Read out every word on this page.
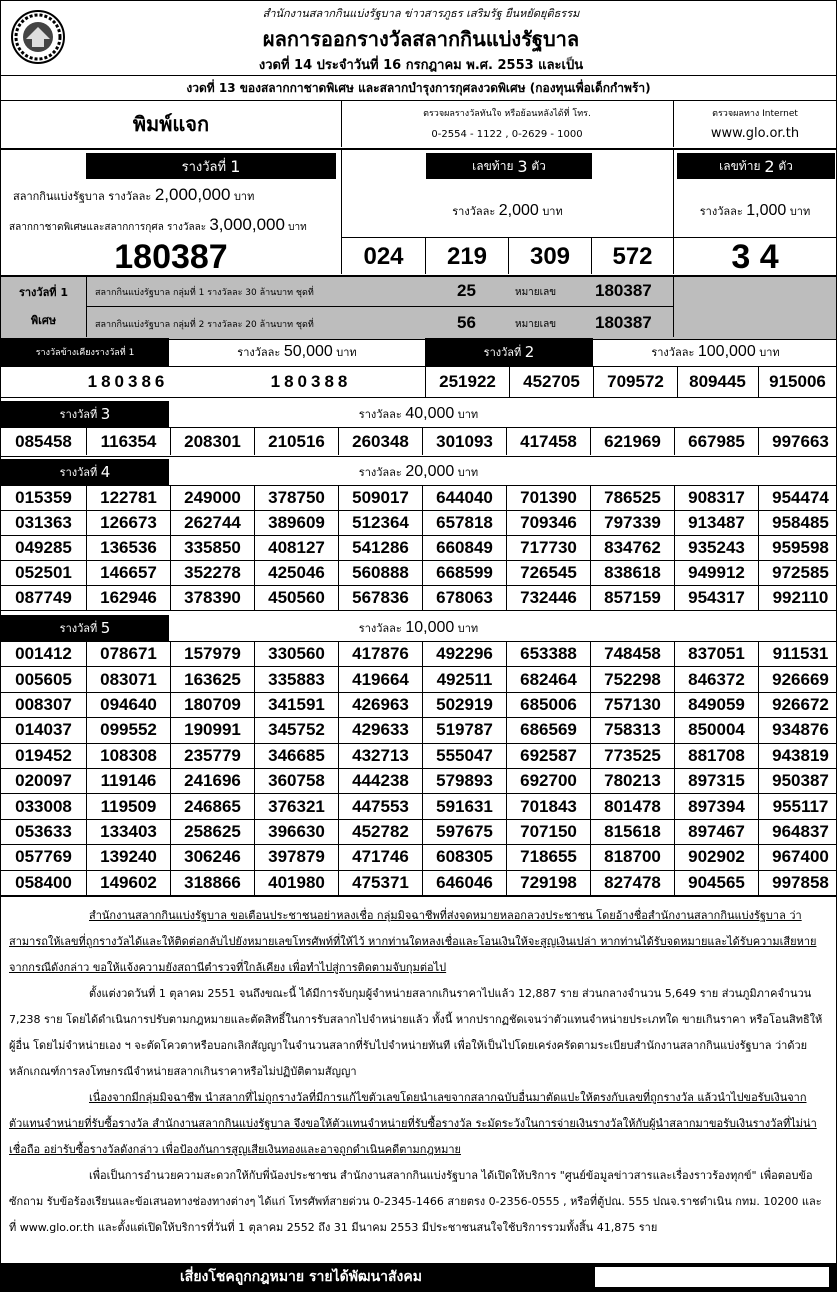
สำนักงานสลากกินแบ่งรัฐบาล ข่าวสารภูธร เสริมรัฐ ยืนหยัดยุติธรรม
ผลการออกรางวัลสลากกินแบ่งรัฐบาล
งวดที่ 14 ประจำวันที่ 16 กรกฎาคม พ.ศ. 2553 และเป็น
งวดที่ 13 ของสลากกาชาดพิเศษ และสลากบำรุงการกุศลงวดพิเศษ (กองทุนเพื่อเด็กกำพร้า)
พิมพ์แจก	ตรวจผลรางวัลทันใจ หรือย้อนหลังได้ที่ โทร.
0-2554 - 1122 , 0-2629 - 1000
ตรวจผลทาง Internet
www.glo.or.th
รางวัลที่
1	เลขท้าย
3
ตัว	เลขท้าย
2
ตัว
สลากกินแบ่งรัฐบาล รางวัลละ 2,000,000 บาท
สลากกาชาดพิเศษและสลากการกุศล รางวัลละ 3,000,000 บาท
รางวัลละ
2,000
บาท	รางวัลละ
1,000
บาท
180387	024	219	309	572	3 4
รางวัลที่ 1
พิเศษ
สลากกินแบ่งรัฐบาล กลุ่มที่ 1 รางวัลละ 30 ล้านบาท ชุดที่	25	หมายเลข 180387
สลากกินแบ่งรัฐบาล กลุ่มที่ 2 รางวัลละ 20 ล้านบาท ชุดที่	56	หมายเลข 180387
รางวัลข้างเคียงรางวัลที่ 1	รางวัลละ
50,000
บาท	รางวัลที่
2	รางวัลละ
100,000
บาท
180386	180388	251922	452705	709572	809445	915006
รางวัลที่
3	รางวัลละ
40,000
บาท
085458	116354	208301	210516	260348	301093	417458	621969	667985	997663
รางวัลที่
4	รางวัลละ
20,000
บาท
015359	122781	249000	378750	509017	644040	701390	786525	908317	954474
031363	126673	262744	389609	512364	657818	709346	797339	913487	958485
049285	136536	335850	408127	541286	660849	717730	834762	935243	959598
052501	146657	352278	425046	560888	668599	726545	838618	949912	972585
087749	162946	378390	450560	567836	678063	732446	857159	954317	992110
รางวัลที่
5	รางวัลละ
10,000
บาท
001412	078671	157979	330560	417876	492296	653388	748458	837051	911531
005605	083071	163625	335883	419664	492511	682464	752298	846372	926669
008307	094640	180709	341591	426963	502919	685006	757130	849059	926672
014037	099552	190991	345752	429633	519787	686569	758313	850004	934876
019452	108308	235779	346685	432713	555047	692587	773525	881708	943819
020097	119146	241696	360758	444238	579893	692700	780213	897315	950387
033008	119509	246865	376321	447553	591631	701843	801478	897394	955117
053633	133403	258625	396630	452782	597675	707150	815618	897467	964837
057769	139240	306246	397879	471746	608305	718655	818700	902902	967400
058400	149602	318866	401980	475371	646046	729198	827478	904565	997858

สำนักงานสลากกินแบ่งรัฐบาล ขอเตือนประชาชนอย่าหลงเชื่อ กลุ่มมิจฉาชีพที่ส่งจดหมายหลอกลวงประชาชน โดยอ้างชื่อสำนักงานสลากกินแบ่งรัฐบาล ว่าสามารถให้เลขที่ถูกรางวัลได้และให้ติดต่อกลับไปยังหมายเลขโทรศัพท์ที่ให้ไว้ หากท่านใดหลงเชื่อและโอนเงินให้จะสูญเงินเปล่า หากท่านได้รับจดหมายและได้รับความเสียหายจากกรณีดังกล่าว ขอให้แจ้งความยังสถานีตำรวจที่ใกล้เคียง เพื่อทำไปสู่การติดตามจับกุมต่อไป

ตั้งแต่งวดวันที่ 1 ตุลาคม 2551 จนถึงขณะนี้ ได้มีการจับกุมผู้จำหน่ายสลากเกินราคาไปแล้ว 12,887 ราย ส่วนกลางจำนวน 5,649 ราย ส่วนภูมิภาคจำนวน 7,238 ราย โดยได้ดำเนินการปรับตามกฎหมายและตัดสิทธิ์ในการรับสลากไปจำหน่ายแล้ว ทั้งนี้ หากปรากฏชัดเจนว่าตัวแทนจำหน่ายประเภทใด ขายเกินราคา หรือโอนสิทธิให้ผู้อื่น โดยไม่จำหน่ายเอง ฯ จะตัดโควตาหรือบอกเลิกสัญญาในจำนวนสลากที่รับไปจำหน่ายทันที เพื่อให้เป็นไปโดยเคร่งครัดตามระเบียบสำนักงานสลากกินแบ่งรัฐบาล ว่าด้วยหลักเกณฑ์การลงโทษกรณีจำหน่ายสลากเกินราคาหรือไม่ปฏิบัติตามสัญญา

เนื่องจากมีกลุ่มมิจฉาชีพ นำสลากที่ไม่ถูกรางวัลที่มีการแก้ไขตัวเลขโดยนำเลขจากสลากฉบับอื่นมาตัดแปะให้ตรงกับเลขที่ถูกรางวัล แล้วนำไปขอรับเงินจากตัวแทนจำหน่ายที่รับซื้อรางวัล สำนักงานสลากกินแบ่งรัฐบาล จึงขอให้ตัวแทนจำหน่ายที่รับซื้อรางวัล ระมัดระวังในการจ่ายเงินรางวัลให้กับผู้นำสลากมาขอรับเงินรางวัลที่ไม่น่าเชื่อถือ อย่ารับซื้อรางวัลดังกล่าว เพื่อป้องกันการสูญเสียเงินทองและอาจถูกดำเนินคดีตามกฎหมาย

เพื่อเป็นการอำนวยความสะดวกให้กับพี่น้องประชาชน สำนักงานสลากกินแบ่งรัฐบาล ได้เปิดให้บริการ "ศูนย์ข้อมูลข่าวสารและเรื่องราวร้องทุกข์" เพื่อตอบข้อซักถาม รับข้อร้องเรียนและข้อเสนอทางช่องทางต่างๆ ได้แก่ โทรศัพท์สายด่วน 0-2345-1466 สายตรง 0-2356-0555 , หรือที่ตู้ปณ. 555 ปณจ.ราชดำเนิน กทม. 10200 และที่ www.glo.or.th และตั้งแต่เปิดให้บริการที่วันที่ 1 ตุลาคม 2552 ถึง 31 มีนาคม 2553 มีประชาชนสนใจใช้บริการรวมทั้งสิ้น 41,875 ราย

เสี่ยงโชคถูกกฎหมาย รายได้พัฒนาสังคม
